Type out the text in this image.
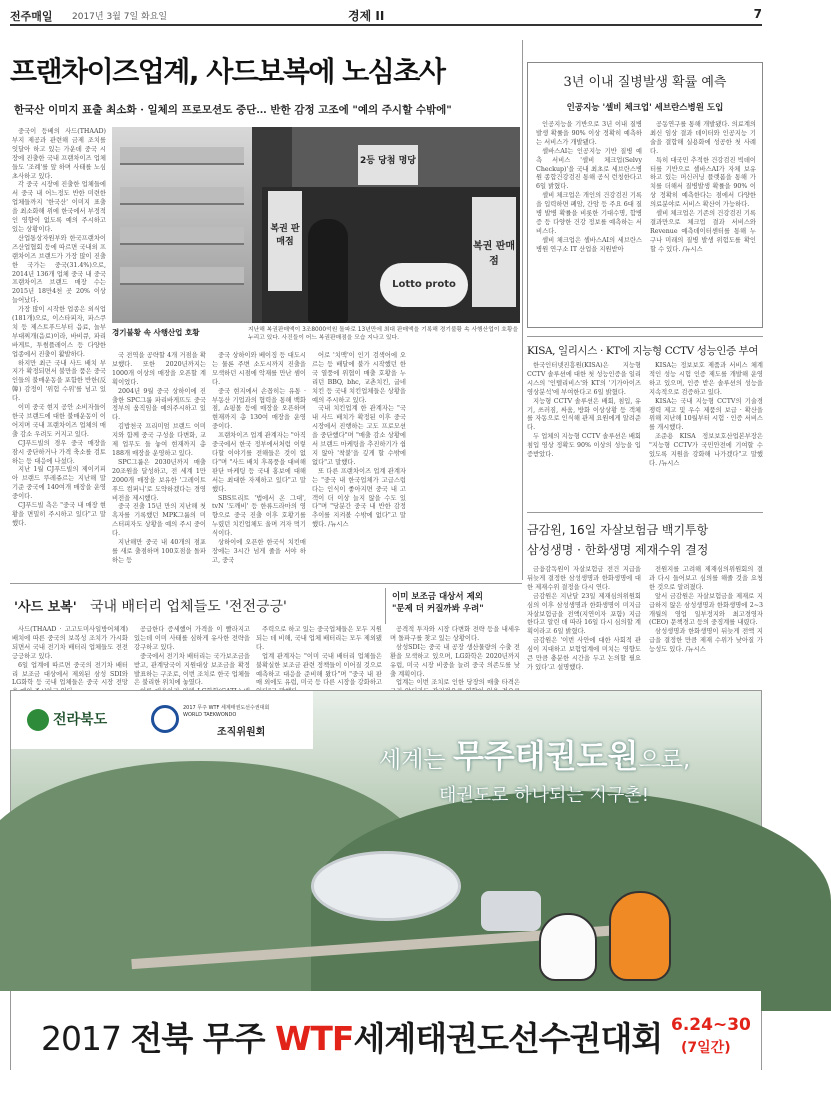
전주매일 2017년 3월 7일 화요일	경제 II	7
프랜차이즈업계, 사드보복에 노심초사
한국산 이미지 표출 최소화 · 일체의 프로모션도 중단… 반한 감정 고조에 "예의 주시할 수밖에"

중국이 등베의 사드(THAAD) 부지 제공과 관련해 금제 조치를 잇달아 하고 있는 가운데 중국 시장에 진출한 국내 프랜차이즈 업체들도 '조례'를 앞 하며 사태를 노심초사하고 있다.

각 중국 시장에 진출한 업체들에서 중국 내 어느정도 반한 미련한 업체들까지 '한국산' 이미지 표출을 최소화해 위에 한국에서 부정적인 영향이 없도록 예의 주시하고 있는 상황이다.

산업통상자원부와 한국프랜차이즈산업협회 등에 따르면 국내외 프랜차이즈 브랜드가 가장 많이 진출한 국가는 중국(31.4%)으로, 2014년 136개 업체 중국 내 중국 프랜차이즈 브랜드 매장 수는 2015년 18만4천 곳 20% 이상 늘어났다.

가장 많이 시작한 업종은 외식업(181개)으로, 이스타피자, 파스쿠치 등 제스트푸드부터 음료, 놀부부대찌개(음료)이라, 바비큐, 파리바게트, 투썸플레이스 등 다양한 업종에서 진출이 활발하다.

하지만 최근 국내 사드 배치 부지가 확정되면서 불만을 품은 중국인들의 불매운동을 포함한 반한(反韓) 감정이 '위험 수위'를 넘고 있다.

이미 중국 현지 공안 소비자들이 한국 브랜드에 대한 불매운동이 이어지며 국내 프랜차이즈 업체의 매출 감소 우려도 커지고 있다.

CJ푸드빌의 경우 중국 매장을 잠시 중단하거나 가격 축소를 검토하는 등 대응에 나섰다.

지난 1월 CJ푸드빌의 제이키피아 브랜드 뚜레쥬르는 지난해 말 기준 중국에 140여개 매장을 운영 중이다.

CJ푸드빌 측은 "중국 내 매장 현황을 면밀히 주시하고 있다"고 말했다.

복권 판매점
2등 당첨 명당
복권 판매점
Lotto proto
경기불황 속 사행산업 호황	지난해 복권판매액이 3조8000억원 돌파로 13년만에 최대 판매액을 기록해 경기불황 속 사행산업이 호황을 누리고 있다. 사진들이 어느 복권판매점을 모습 지나고 있다.

국 전역을 공략할 4개 거점을 확보했다. 또한 2020년까지는 1000개 이상의 매장을 오픈할 계획이었다.

2004년 9월 중국 상하이에 진출한 SPC그룹 파리바게뜨도 중국 정부의 움직임을 예의주시하고 있다.

김밥천국 프리미엄 브랜드 이미지와 함께 중국 구성을 다변화, 교제 업무도 들 놓여 현재까지 총 188개 매장을 운영하고 있다.

SPC그룹은 2030년까지 매출 20조원을 달성하고, 전 세계 1만2000개 매장을 보유한 '그레이트 푸드 컴퍼니'로 도약하겠다는 경영 비전을 제시했다.

중국 진출 15년 만의 지난해 첫 흑자를 기록했던 MPK그룹의 미스터피자도 상황을 예의 주시 중이다.

지난해만 중국 내 40개의 점포를 새로 출점하며 100호점을 돌파하는 등

중국 상하이와 베이징 등 대도시는 물론 주변 소도시까지 진출을 모색하던 시점에 악재를 만난 셈이다.

중국 현지에서 손꼽히는 유통 · 부동산 기업과의 협력을 통해 백화점, 쇼핑몰 등에 매장을 오픈하며 현재까지 총 130여 매장을 운영 중이다.

프랜차이즈 업계 관계자는 "아직 중국에서 한국 정부에서처럼 이렇다할 이야기를 전해들은 것이 없다"며 "사드 배치 후폭풍을 대비해 판단 마케팅 등 국내 홍보에 대해서는 최대한 자제하고 있다"고 말했다.

SBS트리트 '법에서 온 그대', tvN '도깨비' 등 한류드라마의 영향으로 중국 진출 이후 호황기를 누렸던 치킨업체도 울며 겨자 먹기식이다.

상하이에 오픈한 한국식 치킨매장에는 3시간 넘게 줄을 서야 하고, 중국

어로 '치맥'이 인기 검색어에 오르는 등 배달에 불가 시작했던 한국 열풍에 위협이 매출 호황을 누리던 BBQ, bhc, 교촌치킨, 굽네치킨 등 국내 치킨업체들은 상황을 예의 주시하고 있다.

국내 치킨업계 한 관계자는 "국내 사드 배치가 확정된 이후 중국 시장에서 진행하는 고도 프로모션을 중단했다"며 "매출 감소 상황에서 브랜드 마케팅을 추진하기가 쉽지 않아 '착붙'을 깊게 할 수밖에 없다"고 말했다.

또 다른 프랜차이즈 업계 관계자는 "중국 내 한국업체가 고급스럽다는 인식이 좋아지면 중국 내 고객이 더 이상 늘지 않을 수도 있다"며 "당분간 중국 내 반한 감정 추이를 지켜볼 수밖에 없다"고 말했다. /뉴시스

3년 이내 질병발생 확률 예측
인공지능 '셀비 체크업' 세브란스병원 도입

인공지능을 기반으로 3년 이내 질병발생 확률을 90% 이상 정확히 예측하는 서비스가 개발됐다.

셀바스AI는 인공지능 기반 질병 예측 서비스 '셀비 체크업(Selvy Checkup)'을 국내 최초로 세브란스병원 종합건강검진 통해 공식 런칭한다고 6일 밝혔다.

셀비 체크업은 개인의 건강검진 기록을 입력하면 폐암, 간암 등 주요 6대 질병 발병 확률을 비롯한 기대수명, 합병증 등 다양한 건강 정보를 예측하는 서비스다.

셀비 체크업은 셀바스AI의 세브란스병원 연구소 IT 산업을 지원받아

공동연구를 통해 개발됐다. 의료계의 최신 임상 결과 데이터와 인공지능 기술을 결합해 실용화에 성공한 첫 사례다.

특히 대국민 추적한 건강검진 빅데이터를 기반으로 셀바스AI가 자체 보유하고 있는 머신러닝 플랫폼을 통해 가치를 더해서 질병발생 확률을 90% 이상 정확히 예측한다는 점에서 다양한 의료분야로 서비스 확산이 가능하다.

셀비 체크업은 기존의 건강검진 기록 결과만으로 체크업 결과 서비스와 Revenue 예측데이터센터를 통해 누구나 미래의 질병 발생 위험도를 확인할 수 있다. /뉴시스

KISA, 일리시스 · KT에 지능형 CCTV 성능인증 부여

한국인터넷진흥원(KISA)은 지능형 CCTV 솔루션에 대한 첫 성능인증을 일리시스의 '인텔리비스'와 KT의 '기가아이즈 영상분석'에 부여한다고 6일 밝혔다.

지능형 CCTV 솔루션은 배회, 침입, 유기, 쓰러짐, 싸움, 방화 이상상황 등 객체를 자동으로 인식해 관제 요원에게 알려준다.

두 업체의 지능형 CCTV 솔루션은 배회 침입 영상 정확도 90% 이상의 성능을 입증받았다.

KISA는 정보보호 제품과 서비스 체계적인 성능 시험 인증 제도를 개발해 운영하고 있으며, 인증 받은 솔루션의 성능을 지속적으로 검증하고 있다.

KISA는 국내 지능형 CCTV의 기술경쟁력 제고 및 우수 제품의 보급 · 확산을 위해 지난해 10월부터 시험 · 인증 서비스를 개시했다.

조준용 KISA 정보보호산업본부장은 "지능형 CCTV가 국민안전에 기여할 수 있도록 지원을 강화해 나가겠다"고 말했다. /뉴시스

금감원, 16일 자살보험금 백기투항
삼성생명 · 한화생명 제재수위 결정

금융감독원이 자살보험금 전건 지급을 뒤늦게 결정한 삼성생명과 한화생명에 대한 제재수위 결정을 다시 연다.

금감원은 지난달 23일 제재심의위원회 심의 이후 삼성생명과 한화생명이 미지급 자살보험금을 전액(지연이자 포함) 지급한다고 알린 데 따라 16일 다시 심의할 계획이라고 6일 밝혔다.

금감원은 '이번 사안에 대한 사회적 관심이 지대하고 보험업계에 미치는 영향도 큰 만큼 충분한 시간을 두고 논의할 필요가 있다'고 설명했다.

전원지를 고려해 제재심의위원회의 결과 다시 들어보고 심의를 해줄 것을 요청한 것으로 알려졌다.

앞서 금감원은 자살보험금을 제재로 지급하지 않은 삼성생명과 한화생명에 2~3개월의 영업 일부정지와 최고경영자(CEO) 문책경고 등의 중징계를 내렸다.

삼성생명과 한화생명이 뒤늦게 전액 지급을 결정한 만큼 제재 수위가 낮아질 가능성도 있다. /뉴시스

'사드 보복' 국내 배터리 업체들도 '전전긍긍'
이미 보조금 대상서 제외
"문제 더 커질까봐 우려"

사드(THAAD · 고고도미사일방어체계) 배치에 따른 중국의 보복성 조치가 가시화되면서 국내 전기차 배터리 업체들도 전전긍긍하고 있다.

6일 업계에 따르면 중국의 전기차 배터리 보조금 대상에서 제외된 삼성 SDI와 LG화학 등 국내 업체들은 중국 시장 전망

공급한다 증세했어 가격을 이 빨라지고 있는데 이미 사태를 심하게 유사한 전략을 강구하고 있다.

중국에서 전기차 배터리는 국가보조금을 받고, 관계당국이 지원대상 보조금을 확정 발표하는 구조로, 이번 조치로 한국 업체들은 불리한 위치에 놓였다.

주력으로 하고 있는 중국업체들은 모두 지원되는 데 비해, 국내 업체 배터리는 모두 제외됐다.

업계 관계자는 "이미 국내 배터리 업체들은 불확실한 보조금 관련 정책들이 이어질 것으로 예측하고 대응을 준비해 왔다"며 "중국 내 판매 외에도 유럽, 미국 등 다른 시장을 강화하고

공격적 투자와 시장 다변화 전략 등을 내세우며 돌파구를 찾고 있는 상황이다.

삼성SDI는 중국 내 공장 생산물량의 수출 전환을 모색하고 있으며, LG화학은 2020년까지 유럽, 미국 시장 비중을 늘려 중국 의존도를 낮출 계획이다.

업계는 이번 조치로 인한 당장의 매출 타격은

전라북도
2017 무주 WTF 세계태권도선수권대회 WORLD TAEKWONDO
조직위원회
세계는 무주태권도원으로,
태권도로 하나되는 지구촌!
2017 전북 무주 WTF세계태권도선수권대회 6.24~30
(7일간)
